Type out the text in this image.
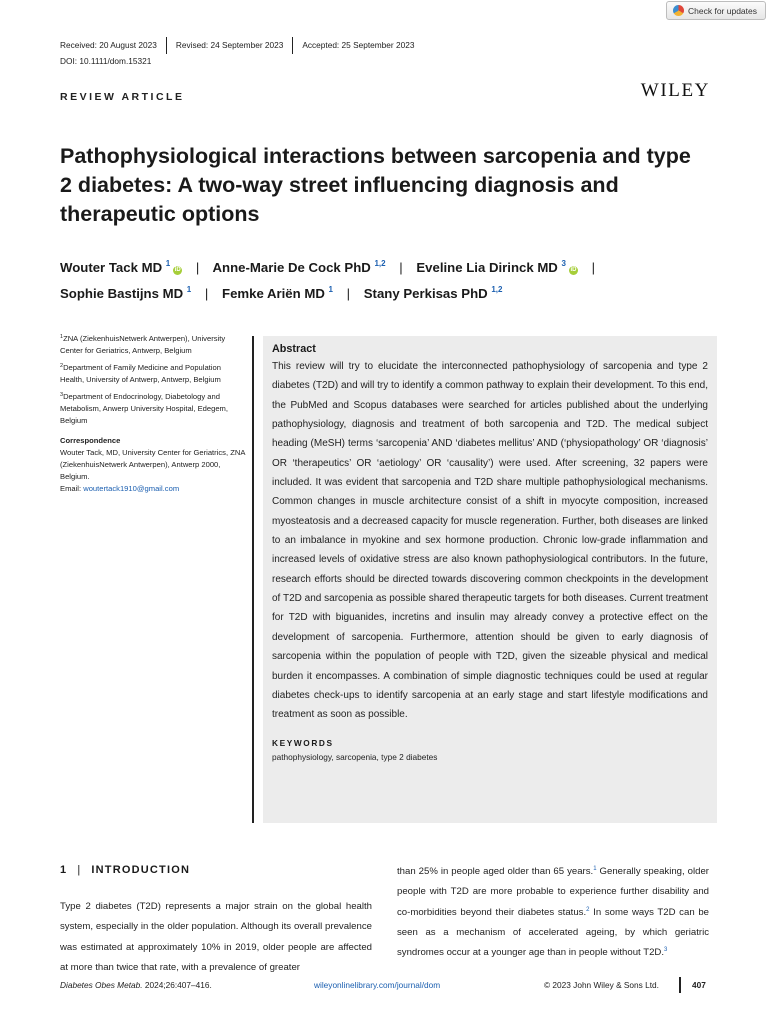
Check for updates
Received: 20 August 2023	Revised: 24 September 2023	Accepted: 25 September 2023
DOI: 10.1111/dom.15321
REVIEW ARTICLE	WILEY
Pathophysiological interactions between sarcopenia and type 2 diabetes: A two-way street influencing diagnosis and therapeutic options
Wouter Tack MD $^1$iD | Anne-Marie De Cock PhD $^{1,2}$ | Eveline Lia Dirinck MD $^3$iD |
Sophie Bastijns MD $^1$ | Femke Ariën MD $^1$ | Stany Perkisas PhD $^{1,2}$

$^1$ZNA (ZiekenhuisNetwerk Antwerpen), University Center for Geriatrics, Antwerp, Belgium

$^2$Department of Family Medicine and Population Health, University of Antwerp, Antwerp, Belgium

$^3$Department of Endocrinology, Diabetology and Metabolism, Anwerp University Hospital, Edegem, Belgium

Correspondence
Wouter Tack, MD, University Center for Geriatrics, ZNA (ZiekenhuisNetwerk Antwerpen), Antwerp 2000, Belgium.
Email: woutertack1910@gmail.com
Abstract

This review will try to elucidate the interconnected pathophysiology of sarcopenia and type 2 diabetes (T2D) and will try to identify a common pathway to explain their development. To this end, the PubMed and Scopus databases were searched for articles published about the underlying pathophysiology, diagnosis and treatment of both sarcopenia and T2D. The medical subject heading (MeSH) terms ‘sarcopenia’ AND ‘diabetes mellitus’ AND (‘physiopathology’ OR ‘diagnosis’ OR ‘therapeutics’ OR ‘aetiology’ OR ‘causality’) were used. After screening, 32 papers were included. It was evident that sarcopenia and T2D share multiple pathophysiological mechanisms. Common changes in muscle architecture consist of a shift in myocyte composition, increased myosteatosis and a decreased capacity for muscle regeneration. Further, both diseases are linked to an imbalance in myokine and sex hormone production. Chronic low-grade inflammation and increased levels of oxidative stress are also known pathophysiological contributors. In the future, research efforts should be directed towards discovering common checkpoints in the development of T2D and sarcopenia as possible shared therapeutic targets for both diseases. Current treatment for T2D with biguanides, incretins and insulin may already convey a protective effect on the development of sarcopenia. Furthermore, attention should be given to early diagnosis of sarcopenia within the population of people with T2D, given the sizeable physical and medical burden it encompasses. A combination of simple diagnostic techniques could be used at regular diabetes check-ups to identify sarcopenia at an early stage and start lifestyle modifications and treatment as soon as possible.

KEYWORDS
pathophysiology, sarcopenia, type 2 diabetes
1 | INTRODUCTION

Type 2 diabetes (T2D) represents a major strain on the global health system, especially in the older population. Although its overall prevalence was estimated at approximately 10% in 2019, older people are affected at more than twice that rate, with a prevalence of greater

than 25% in people aged older than 65 years.$^1$ Generally speaking, older people with T2D are more probable to experience further disability and co-morbidities beyond their diabetes status.$^2$ In some ways T2D can be seen as a mechanism of accelerated ageing, by which geriatric syndromes occur at a younger age than in people without T2D.$^3$

Diabetes Obes Metab. 2024;26:407–416.	wileyonlinelibrary.com/journal/dom	© 2023 John Wiley & Sons Ltd.	407
